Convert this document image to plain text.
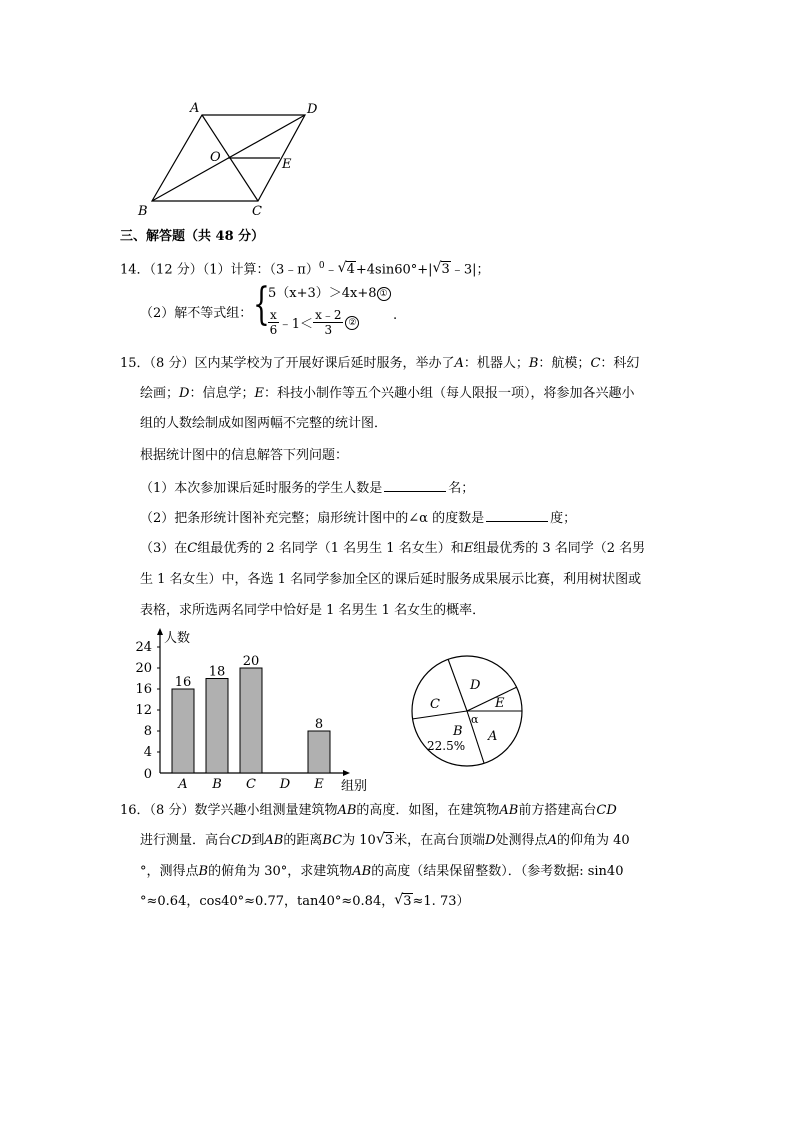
A	D
O	E
B	C
三、解答题（共 48 分）
14．（12 分）（1）计算：（3﹣π）$^0$﹣ √ 4+4sin60°+| √ 3﹣3|；
（2）解不等式组： {
5（x+3）＞4x+8 ①
$\frac{x}{6}$ ﹣1＜ $\frac{x﹣2}{3}$ ②	.
15．（8 分）区内某学校为了开展好课后延时服务，举办了A：机器人；B：航模；C：科幻
绘画；D：信息学；E：科技小制作等五个兴趣小组（每人限报一项），将参加各兴趣小
组的人数绘制成如图两幅不完整的统计图．
根据统计图中的信息解答下列问题：
（1）本次参加课后延时服务的学生人数是	名；
（2）把条形统计图补充完整；扇形统计图中的∠α 的度数是	度；
（3）在C组最优秀的 2 名同学（1 名男生 1 名女生）和E组最优秀的 3 名同学（2 名男
生 1 名女生）中，各选 1 名同学参加全区的课后延时服务成果展示比赛，利用树状图或
表格，求所选两名同学中恰好是 1 名男生 1 名女生的概率．
人数
组别
0
4
8
12
16
20
24
16
A
18
B
20
C D
8
E
D
E
A
B
C
α
22.5%
16．（8 分）数学兴趣小组测量建筑物AB的高度．如图，在建筑物AB前方搭建高台CD
进行测量．高台CD到AB的距离BC为 10 √ 3米，在高台顶端D处测得点A的仰角为 40
°，测得点B的俯角为 30°，求建筑物AB的高度（结果保留整数）．（参考数据: sin40
°≈0.64，cos40°≈0.77，tan40°≈0.84， √ 3≈1. 73）
